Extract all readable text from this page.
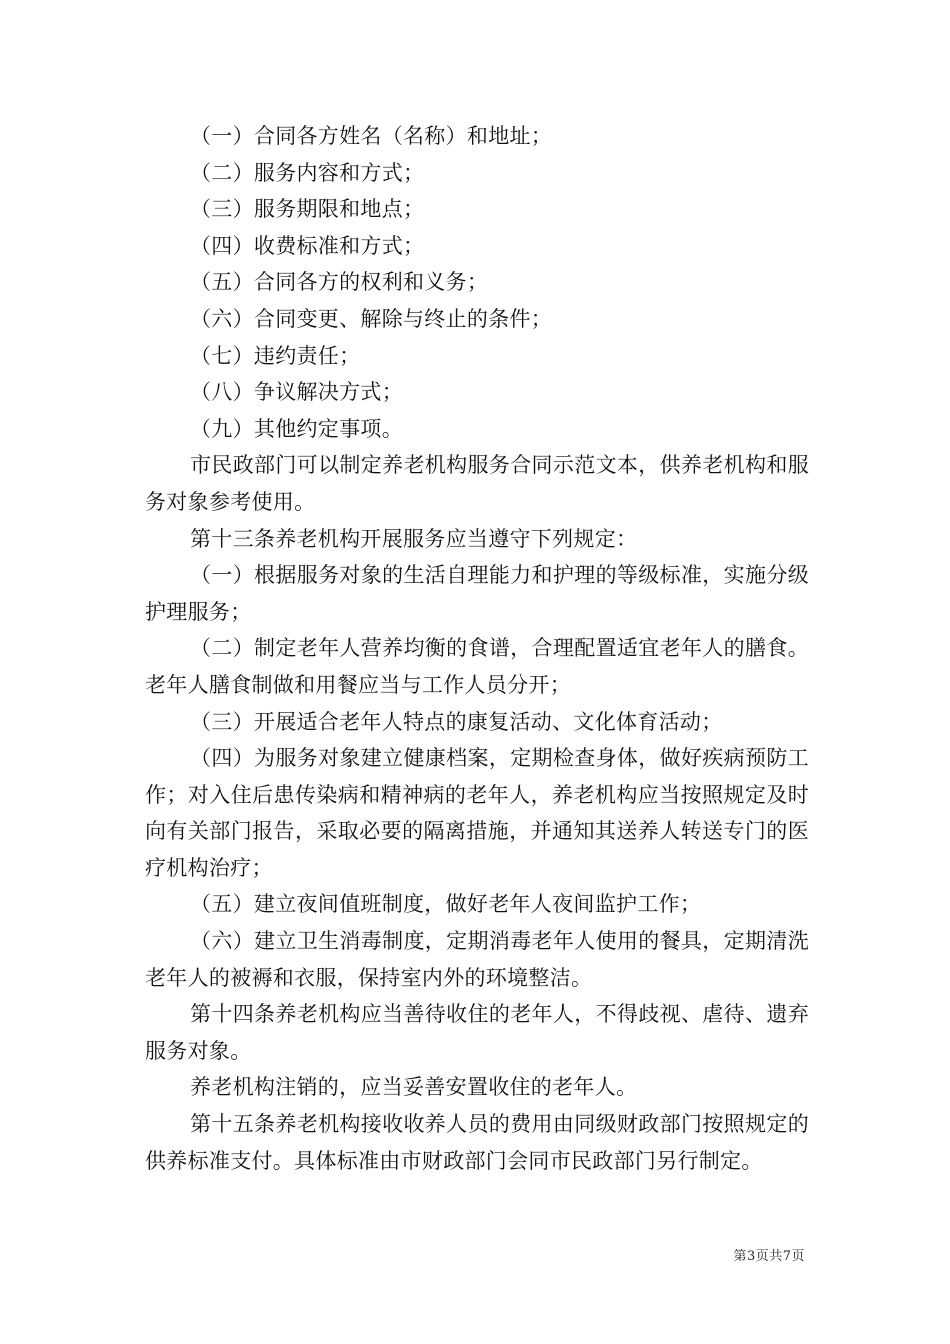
（一）合同各方姓名（名称）和地址；

（二）服务内容和方式；

（三）服务期限和地点；

（四）收费标准和方式；

（五）合同各方的权利和义务；

（六）合同变更、解除与终止的条件；

（七）违约责任；

（八）争议解决方式；

（九）其他约定事项。

市民政部门可以制定养老机构服务合同示范文本，供养老机构和服务对象参考使用。

第十三条养老机构开展服务应当遵守下列规定：

（一）根据服务对象的生活自理能力和护理的等级标准，实施分级护理服务；

（二）制定老年人营养均衡的食谱，合理配置适宜老年人的膳食。老年人膳食制做和用餐应当与工作人员分开；

（三）开展适合老年人特点的康复活动、文化体育活动；

（四）为服务对象建立健康档案，定期检查身体，做好疾病预防工作；对入住后患传染病和精神病的老年人，养老机构应当按照规定及时向有关部门报告，采取必要的隔离措施，并通知其送养人转送专门的医疗机构治疗；

（五）建立夜间值班制度，做好老年人夜间监护工作；

（六）建立卫生消毒制度，定期消毒老年人使用的餐具，定期清洗老年人的被褥和衣服，保持室内外的环境整洁。

第十四条养老机构应当善待收住的老年人，不得歧视、虐待、遗弃服务对象。

养老机构注销的，应当妥善安置收住的老年人。

第十五条养老机构接收收养人员的费用由同级财政部门按照规定的供养标准支付。具体标准由市财政部门会同市民政部门另行制定。

第3页共7页
